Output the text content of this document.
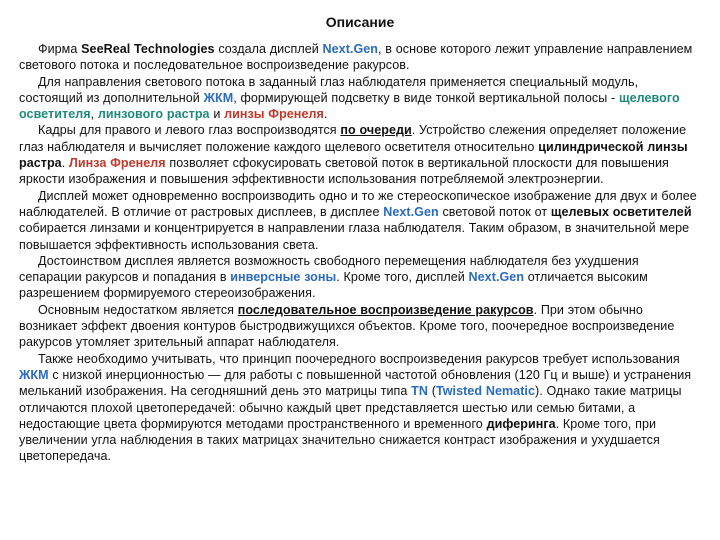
Описание

Фирма SeeReal Technologies создала дисплей Next.Gen, в основе которого лежит управление направлением светового потока и последовательное воспроизведение ракурсов.

Для направления светового потока в заданный глаз наблюдателя применяется специальный модуль, состоящий из дополнительной ЖКМ, формирующей подсветку в виде тонкой вертикальной полосы - щелевого осветителя, линзового растра и линзы Френеля.

Кадры для правого и левого глаз воспроизводятся по очереди. Устройство слежения определяет положение глаз наблюдателя и вычисляет положение каждого щелевого осветителя относительно цилиндрической линзы растра. Линза Френеля позволяет сфокусировать световой поток в вертикальной плоскости для повышения яркости изображения и повышения эффективности использования потребляемой электроэнергии.

Дисплей может одновременно воспроизводить одно и то же стереоскопическое изображение для двух и более наблюдателей. В отличие от растровых дисплеев, в дисплее Next.Gen световой поток от щелевых осветителей собирается линзами и концентрируется в направлении глаза наблюдателя. Таким образом, в значительной мере повышается эффективность использования света.

Достоинством дисплея является возможность свободного перемещения наблюдателя без ухудшения сепарации ракурсов и попадания в инверсные зоны. Кроме того, дисплей Next.Gen отличается высоким разрешением формируемого стереоизображения.

Основным недостатком является последовательное воспроизведение ракурсов. При этом обычно возникает эффект двоения контуров быстродвижущихся объектов. Кроме того, поочередное воспроизведение ракурсов утомляет зрительный аппарат наблюдателя.

Также необходимо учитывать, что принцип поочередного воспроизведения ракурсов требует использования ЖКМ с низкой инерционностью — для работы с повышенной частотой обновления (120 Гц и выше) и устранения мельканий изображения. На сегодняшний день это матрицы типа TN (Twisted Nematic). Однако такие матрицы отличаются плохой цветопередачей: обычно каждый цвет представляется шестью или семью битами, а недостающие цвета формируются методами пространственного и временного диферинга. Кроме того, при увеличении угла наблюдения в таких матрицах значительно снижается контраст изображения и ухудшается цветопередача.
